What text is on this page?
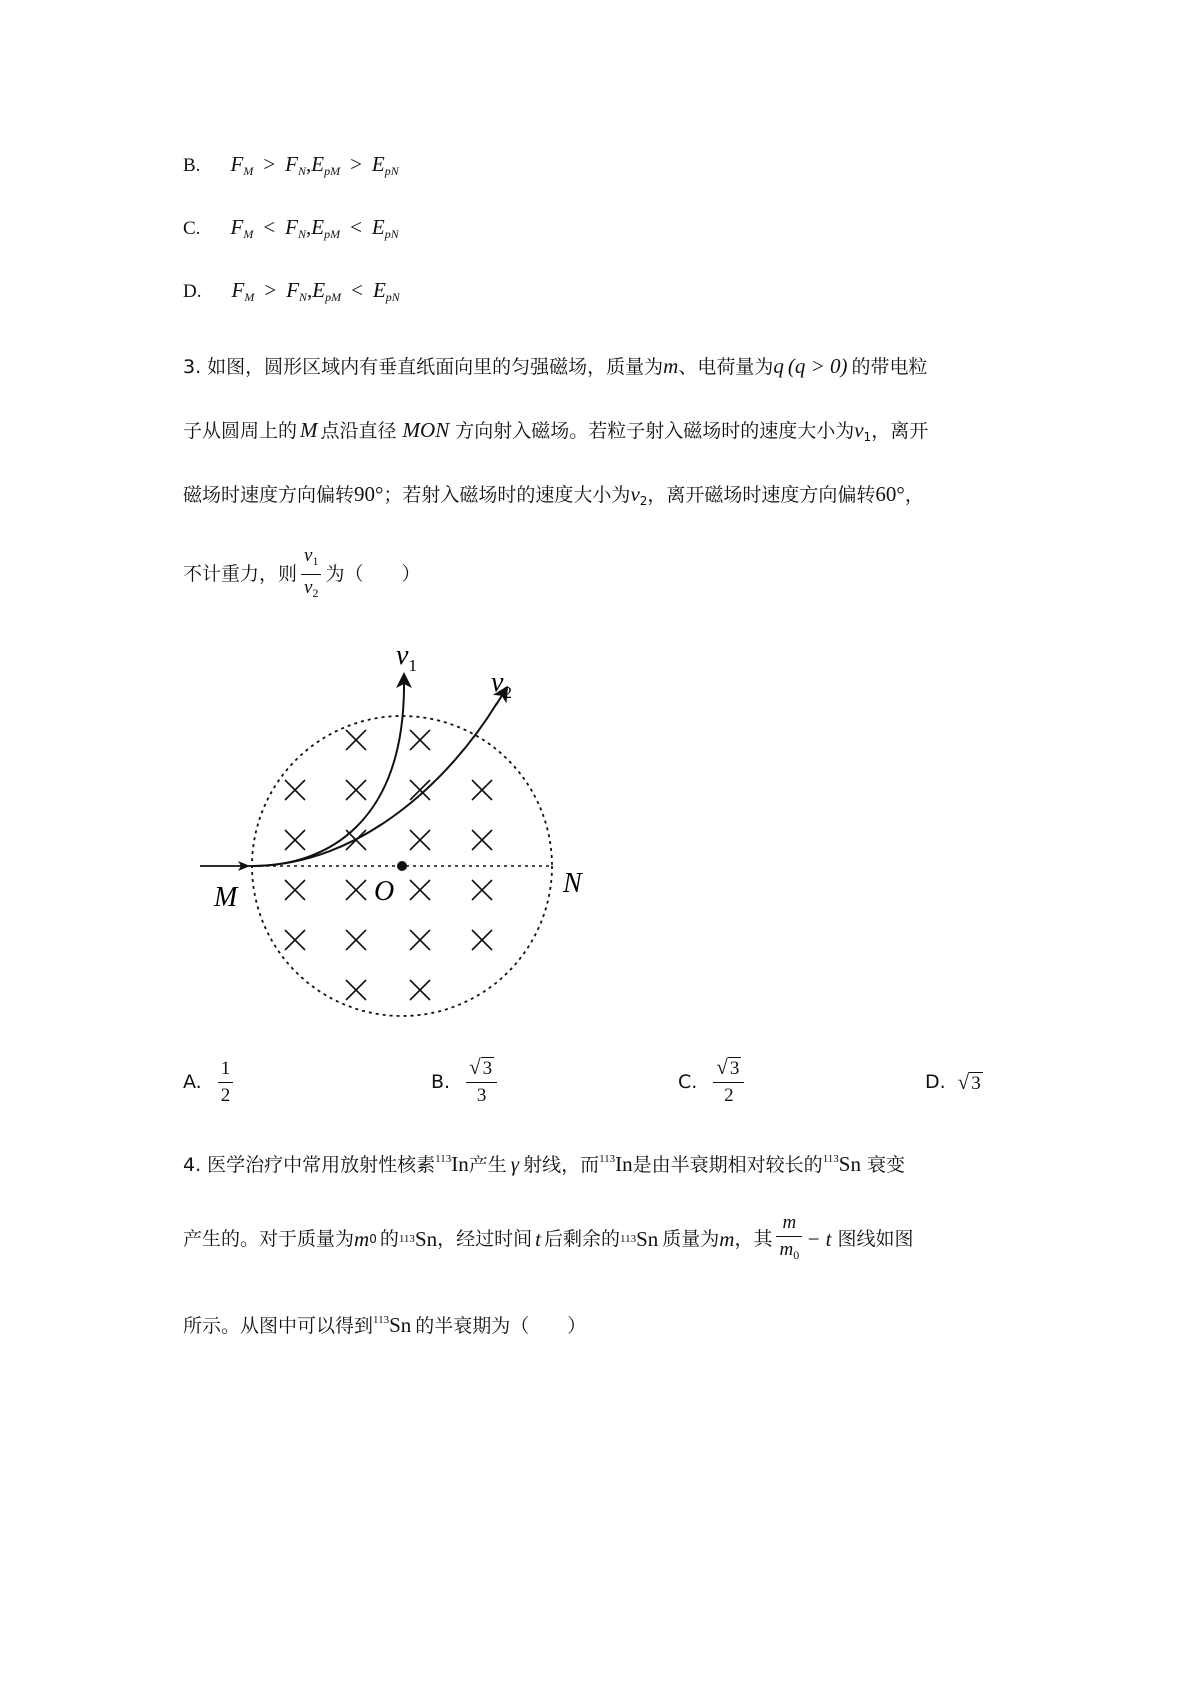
B. $F_M > F_N,E_{pM} > E_{pN}$
C. $F_M < F_N,E_{pM} < E_{pN}$
D. $F_M > F_N,E_{pM} < E_{pN}$
3. 如图，圆形区域内有垂直纸面向里的匀强磁场，质量为m、电荷量为q (q > 0) 的带电粒
子从圆周上的 M 点沿直径 MON 方向射入磁场。若粒子射入磁场时的速度大小为$v_1$，离开
磁场时速度方向偏转90°；若射入磁场时的速度大小为$v_2$，离开磁场时速度方向偏转60°，
不计重力，则 $\frac{v_1}{v_2}$ 为（　　）
$v_1$
$v_2$
M	O	N
A. $\frac{1}{2}$	B. $\frac{√ 3}{3}$	C. $\frac{√ 3}{2}$	D. √ 3
4. 医学治疗中常用放射性核素$^{113}$In产生 γ 射线，而$^{113}$In是由半衰期相对较长的$^{113}$Sn 衰变
产生的。对于质量为 m 0 的 113 Sn ，经过时间 t 后剩余的 113 Sn 质量为 m ，其 $\frac{m}{m_0} - t$ 图线如图
所示。从图中可以得到$^{113}$Sn 的半衰期为（　　）
